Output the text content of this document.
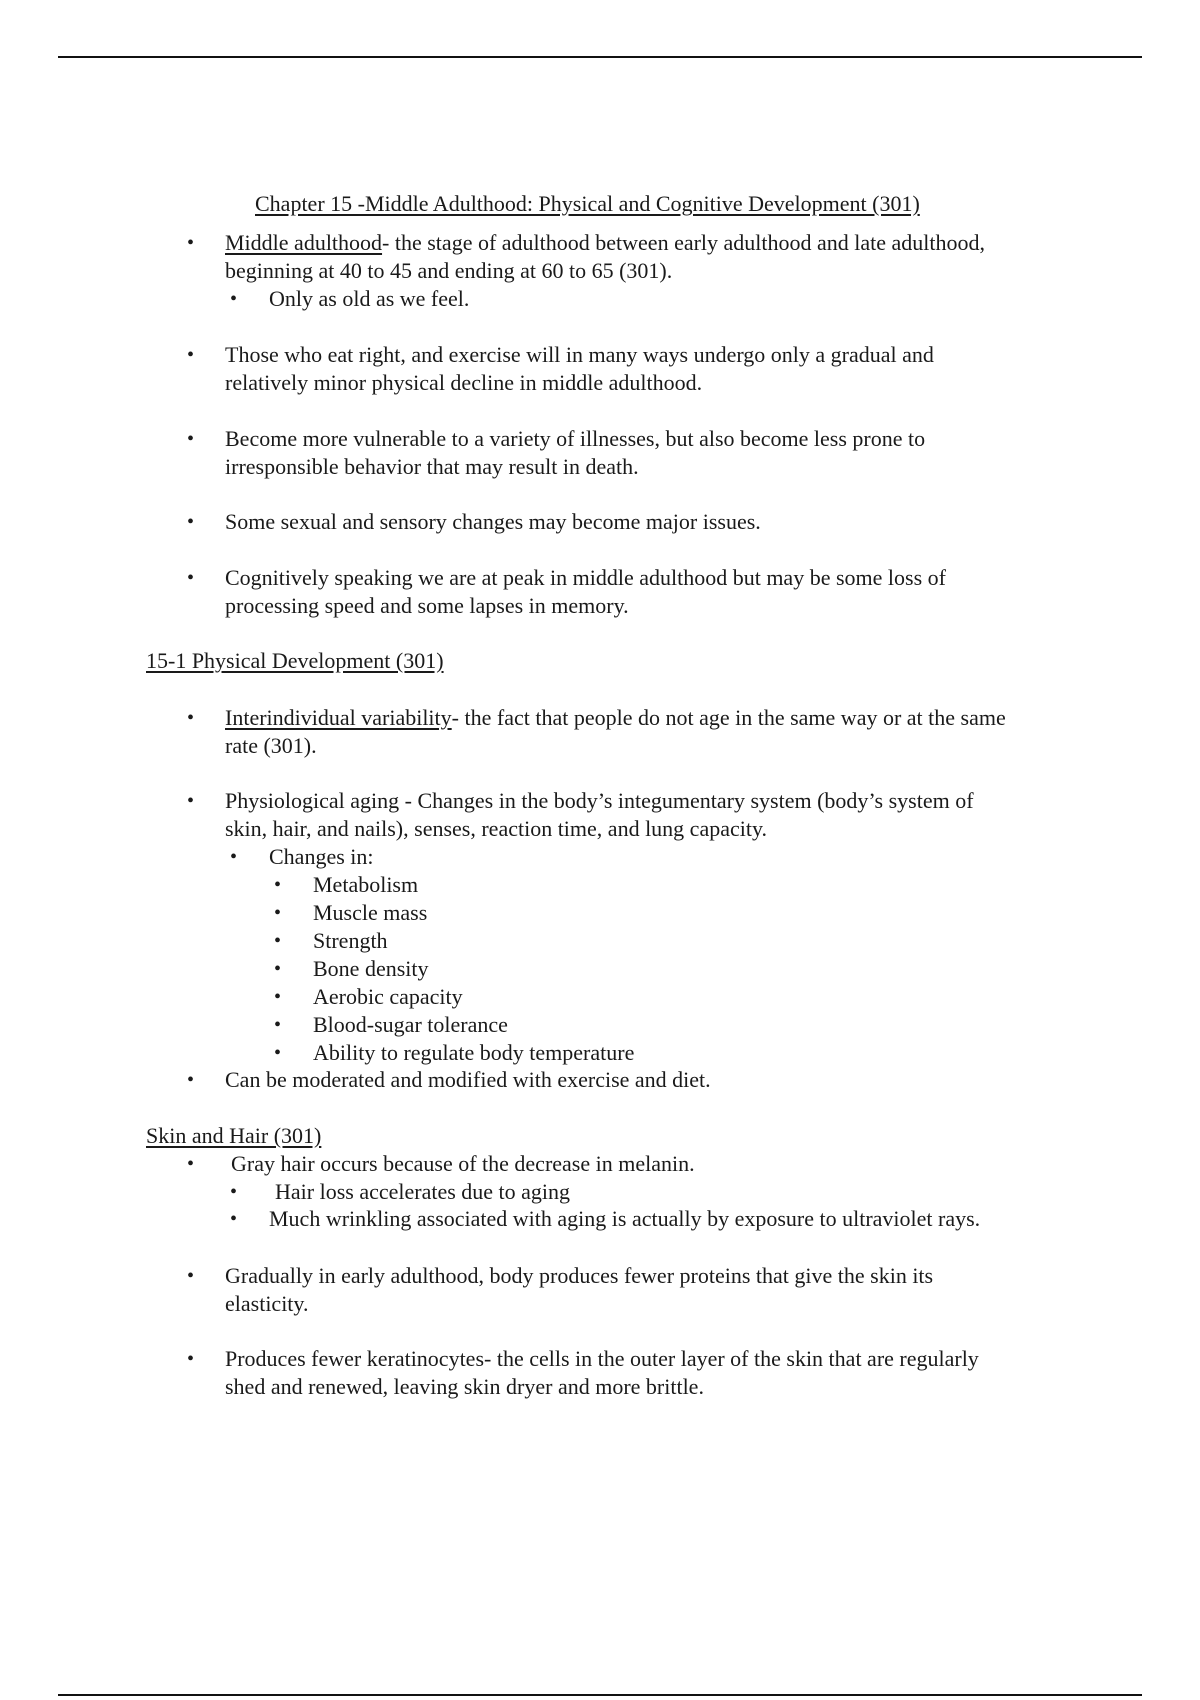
Chapter 15 -Middle Adulthood: Physical and Cognitive Development (301)
• Middle adulthood- the stage of adulthood between early adulthood and late adulthood,
beginning at 40 to 45 and ending at 60 to 65 (301).
• Only as old as we feel.
• Those who eat right, and exercise will in many ways undergo only a gradual and
relatively minor physical decline in middle adulthood.
• Become more vulnerable to a variety of illnesses, but also become less prone to
irresponsible behavior that may result in death.
• Some sexual and sensory changes may become major issues.
• Cognitively speaking we are at peak in middle adulthood but may be some loss of
processing speed and some lapses in memory.
15-1 Physical Development (301)
• Interindividual variability- the fact that people do not age in the same way or at the same
rate (301).
• Physiological aging - Changes in the body’s integumentary system (body’s system of
skin, hair, and nails), senses, reaction time, and lung capacity.
• Changes in:
• Metabolism
• Muscle mass
• Strength
• Bone density
• Aerobic capacity
• Blood-sugar tolerance
• Ability to regulate body temperature
• Can be moderated and modified with exercise and diet.
Skin and Hair (301)
• Gray hair occurs because of the decrease in melanin.
• Hair loss accelerates due to aging
• Much wrinkling associated with aging is actually by exposure to ultraviolet rays.
• Gradually in early adulthood, body produces fewer proteins that give the skin its
elasticity.
• Produces fewer keratinocytes- the cells in the outer layer of the skin that are regularly
shed and renewed, leaving skin dryer and more brittle.
